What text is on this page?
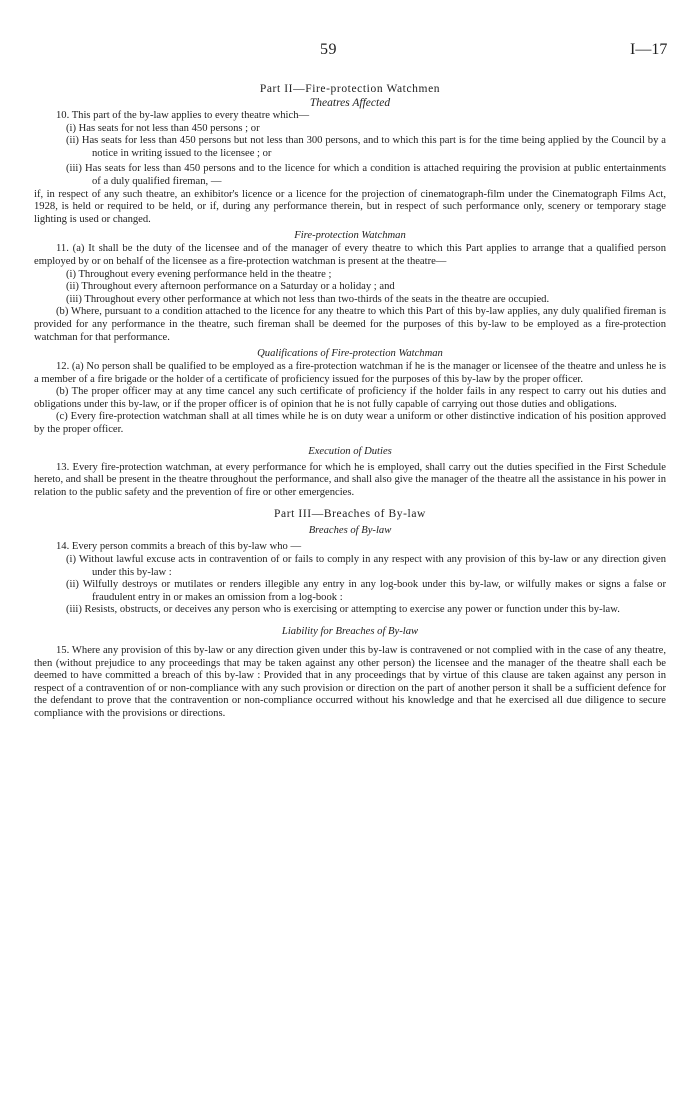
59	I—17
Part II—Fire-protection Watchmen
Theatres Affected

10. This part of the by-law applies to every theatre which—

(i) Has seats for not less than 450 persons ; or

(ii) Has seats for less than 450 persons but not less than 300 persons, and to which this part is for the time being applied by the Council by a notice in writing issued to the licensee ; or

(iii) Has seats for less than 450 persons and to the licence for which a condition is attached requiring the provision at public entertainments of a duly qualified fireman, —

if, in respect of any such theatre, an exhibitor's licence or a licence for the projection of cinematograph-film under the Cinematograph Films Act, 1928, is held or required to be held, or if, during any performance therein, but in respect of such performance only, scenery or temporary stage lighting is used or changed.

Fire-protection Watchman

11. (a) It shall be the duty of the licensee and of the manager of every theatre to which this Part applies to arrange that a qualified person employed by or on behalf of the licensee as a fire-protection watchman is present at the theatre—

(i) Throughout every evening performance held in the theatre ;

(ii) Throughout every afternoon performance on a Saturday or a holiday ; and

(iii) Throughout every other performance at which not less than two-thirds of the seats in the theatre are occupied.

(b) Where, pursuant to a condition attached to the licence for any theatre to which this Part of this by-law applies, any duly qualified fireman is provided for any performance in the theatre, such fireman shall be deemed for the purposes of this by-law to be employed as a fire-protection watchman for that performance.

Qualifications of Fire-protection Watchman

12. (a) No person shall be qualified to be employed as a fire-protection watchman if he is the manager or licensee of the theatre and unless he is a member of a fire brigade or the holder of a certificate of proficiency issued for the purposes of this by-law by the proper officer.

(b) The proper officer may at any time cancel any such certificate of proficiency if the holder fails in any respect to carry out his duties and obligations under this by-law, or if the proper officer is of opinion that he is not fully capable of carrying out those duties and obligations.

(c) Every fire-protection watchman shall at all times while he is on duty wear a uniform or other distinctive indication of his position approved by the proper officer.

Execution of Duties

13. Every fire-protection watchman, at every performance for which he is employed, shall carry out the duties specified in the First Schedule hereto, and shall be present in the theatre throughout the performance, and shall also give the manager of the theatre all the assistance in his power in relation to the public safety and the prevention of fire or other emergencies.

Part III—Breaches of By-law
Breaches of By-law

14. Every person commits a breach of this by-law who —

(i) Without lawful excuse acts in contravention of or fails to comply in any respect with any provision of this by-law or any direction given under this by-law :

(ii) Wilfully destroys or mutilates or renders illegible any entry in any log-book under this by-law, or wilfully makes or signs a false or fraudulent entry in or makes an omission from a log-book :

(iii) Resists, obstructs, or deceives any person who is exercising or attempting to exercise any power or function under this by-law.

Liability for Breaches of By-law

15. Where any provision of this by-law or any direction given under this by-law is contravened or not complied with in the case of any theatre, then (without prejudice to any proceedings that may be taken against any other person) the licensee and the manager of the theatre shall each be deemed to have committed a breach of this by-law : Provided that in any proceedings that by virtue of this clause are taken against any person in respect of a contravention of or non-compliance with any such provision or direction on the part of another person it shall be a sufficient defence for the defendant to prove that the contravention or non-compliance occurred without his knowledge and that he exercised all due diligence to secure compliance with the provisions or directions.
